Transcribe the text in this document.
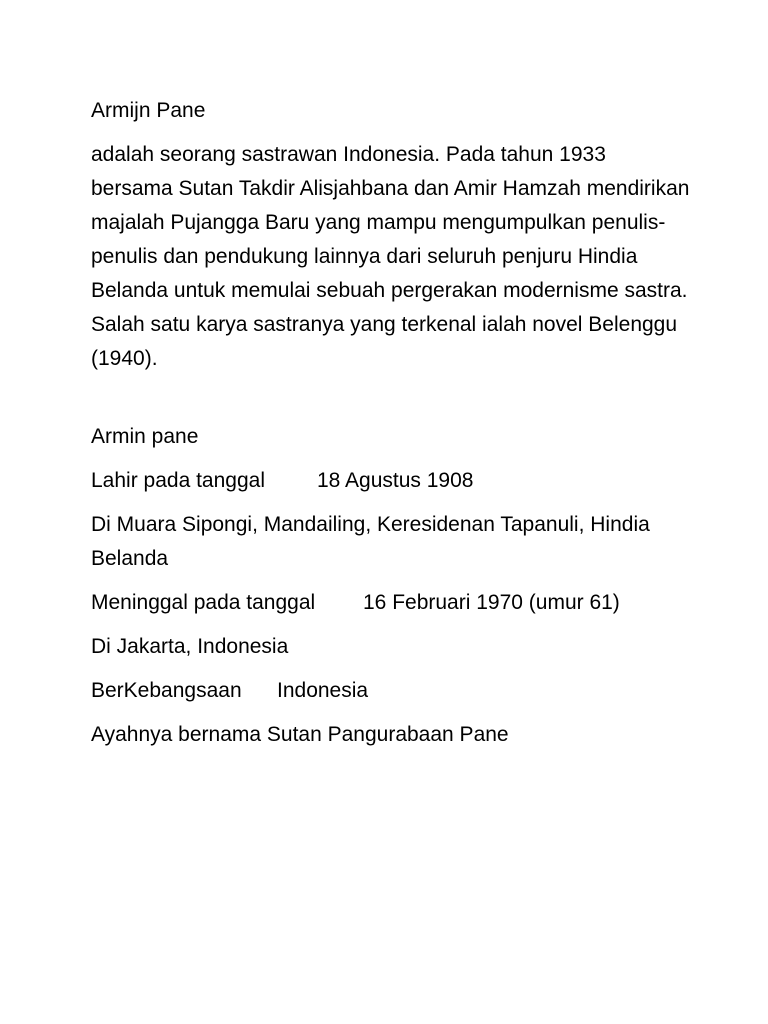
Armijn Pane

adalah seorang sastrawan Indonesia. Pada tahun 1933 bersama Sutan Takdir Alisjahbana dan Amir Hamzah mendirikan majalah Pujangga Baru yang mampu mengumpulkan penulis-penulis dan pendukung lainnya dari seluruh penjuru Hindia Belanda untuk memulai sebuah pergerakan modernisme sastra. Salah satu karya sastranya yang terkenal ialah novel Belenggu (1940).

Armin pane

Lahir pada tanggal 18 Agustus 1908

Di Muara Sipongi, Mandailing, Keresidenan Tapanuli, Hindia Belanda

Meninggal pada tanggal 16 Februari 1970 (umur 61)

Di Jakarta, Indonesia

BerKebangsaan Indonesia

Ayahnya bernama Sutan Pangurabaan Pane
